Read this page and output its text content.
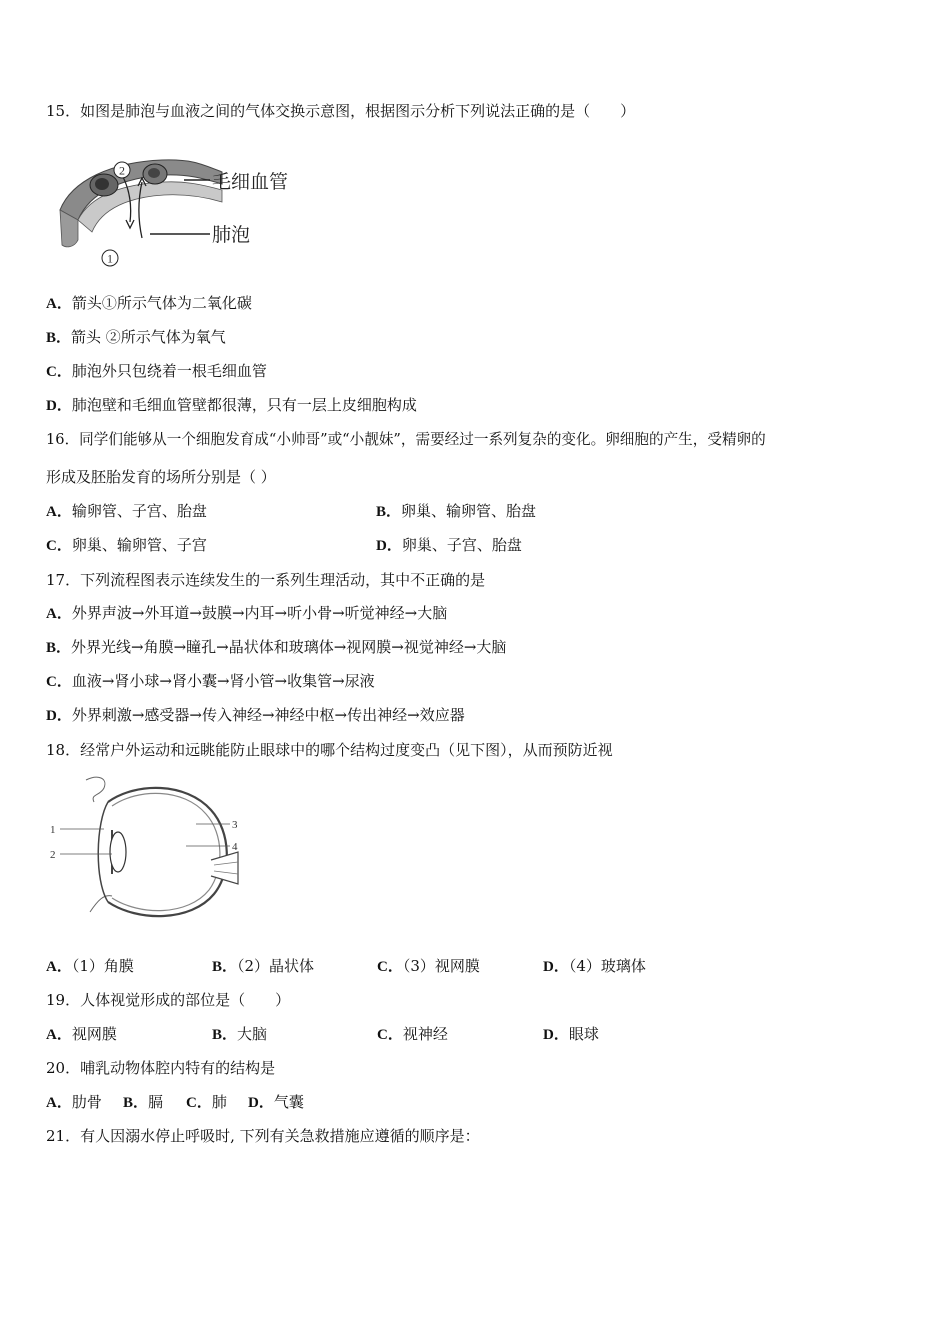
15．如图是肺泡与血液之间的气体交换示意图，根据图示分析下列说法正确的是（　　）
2
1
毛细血管
肺泡
A．箭头①所示气体为二氧化碳
B．箭头 ②所示气体为氧气
C．肺泡外只包绕着一根毛细血管
D．肺泡壁和毛细血管壁都很薄，只有一层上皮细胞构成
16．同学们能够从一个细胞发育成“小帅哥”或“小靓妹”，需要经过一系列复杂的变化。卵细胞的产生，受精卵的
形成及胚胎发育的场所分别是（ ）
A．输卵管、子宫、胎盘	B．卵巢、输卵管、胎盘
C．卵巢、输卵管、子宫	D．卵巢、子宫、胎盘
17．下列流程图表示连续发生的一系列生理活动，其中不正确的是
A．外界声波→外耳道→鼓膜→内耳→听小骨→听觉神经→大脑
B．外界光线→角膜→瞳孔→晶状体和玻璃体→视网膜→视觉神经→大脑
C．血液→肾小球→肾小囊→肾小管→收集管→尿液
D．外界刺激→感受器→传入神经→神经中枢→传出神经→效应器
18．经常户外运动和远眺能防止眼球中的哪个结构过度变凸（见下图），从而预防近视
1
2
3
4
A．（1）角膜	B．（2）晶状体	C．（3）视网膜	D．（4）玻璃体
19．人体视觉形成的部位是（　　）
A．视网膜	B．大脑	C．视神经	D．眼球
20．哺乳动物体腔内特有的结构是
A．肋骨 B．膈 C．肺 D．气囊
21．有人因溺水停止呼吸时, 下列有关急救措施应遵循的顺序是：
